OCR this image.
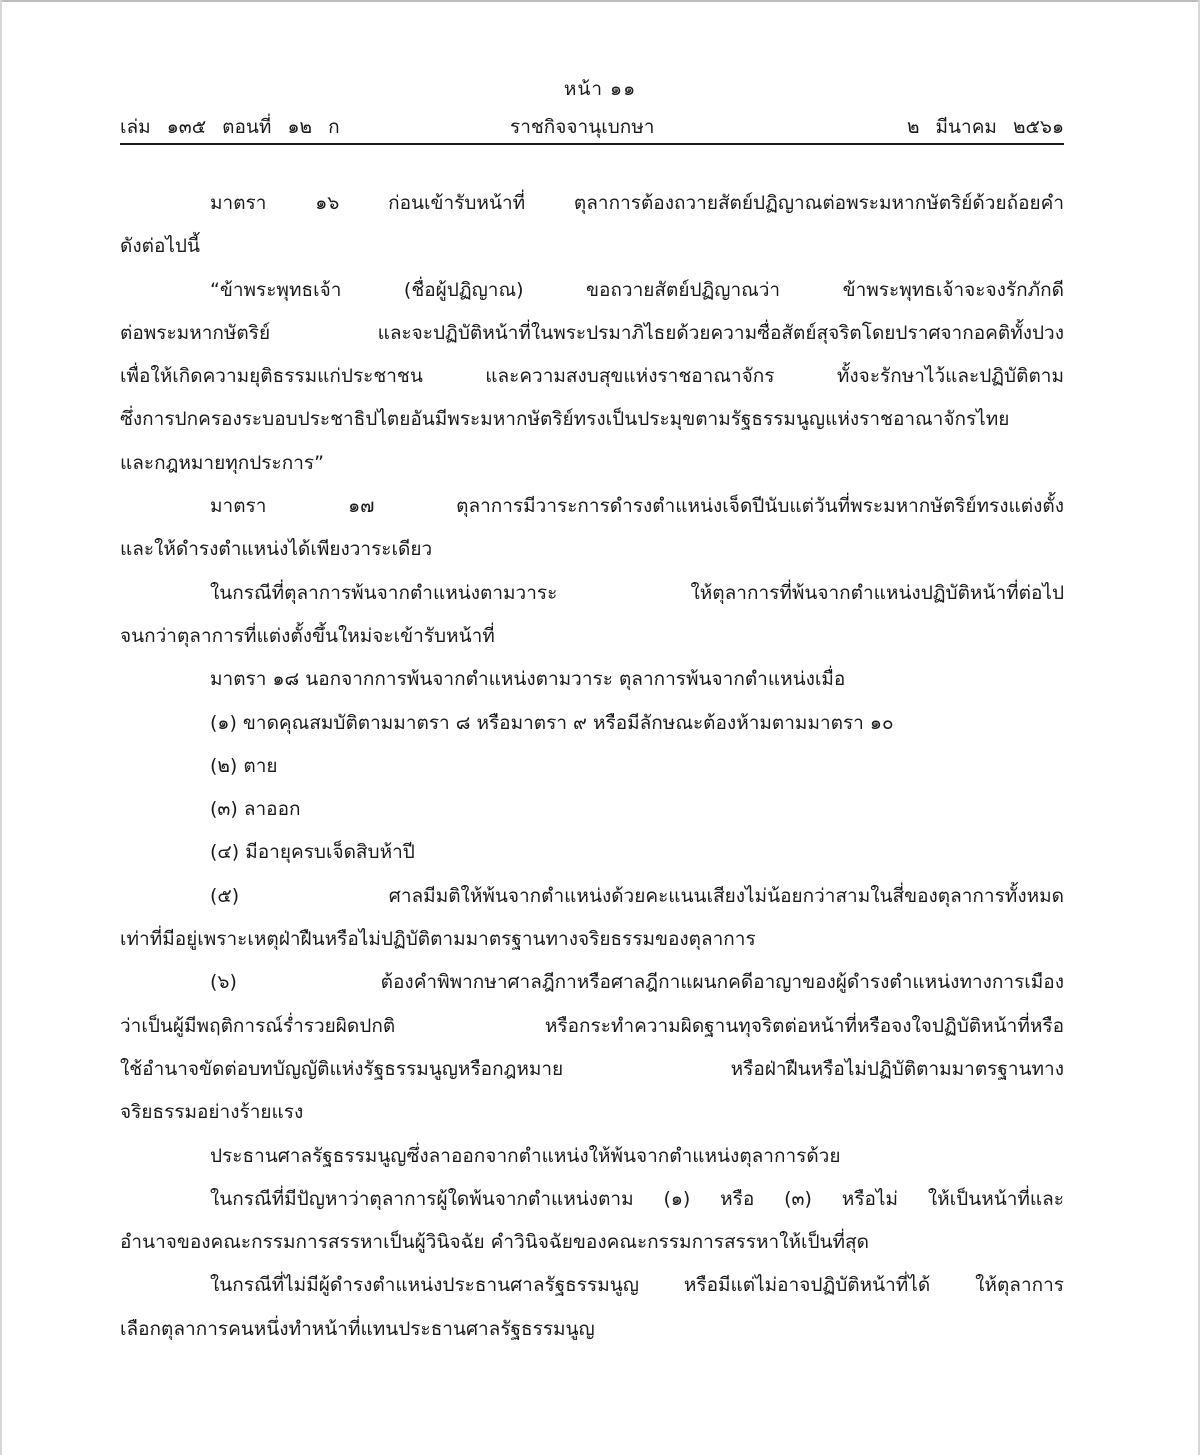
หน้า ๑๑
เล่ม ๑๓๕ ตอนที่ ๑๒ ก	ราชกิจจานุเบกษา	๒ มีนาคม ๒๕๖๑
มาตรา ๑๖ ก่อนเข้ารับหน้าที่ ตุลาการต้องถวายสัตย์ปฏิญาณต่อพระมหากษัตริย์ด้วยถ้อยคำ
ดังต่อไปนี้
“ข้าพระพุทธเจ้า (ชื่อผู้ปฏิญาณ) ขอถวายสัตย์ปฏิญาณว่า ข้าพระพุทธเจ้าจะจงรักภักดี
ต่อพระมหากษัตริย์ และจะปฏิบัติหน้าที่ในพระปรมาภิไธยด้วยความซื่อสัตย์สุจริตโดยปราศจากอคติทั้งปวง
เพื่อให้เกิดความยุติธรรมแก่ประชาชน และความสงบสุขแห่งราชอาณาจักร ทั้งจะรักษาไว้และปฏิบัติตาม
ซึ่งการปกครองระบอบประชาธิปไตยอันมีพระมหากษัตริย์ทรงเป็นประมุขตามรัฐธรรมนูญแห่งราชอาณาจักรไทย
และกฎหมายทุกประการ”
มาตรา ๑๗ ตุลาการมีวาระการดำรงตำแหน่งเจ็ดปีนับแต่วันที่พระมหากษัตริย์ทรงแต่งตั้ง
และให้ดำรงตำแหน่งได้เพียงวาระเดียว
ในกรณีที่ตุลาการพ้นจากตำแหน่งตามวาระ ให้ตุลาการที่พ้นจากตำแหน่งปฏิบัติหน้าที่ต่อไป
จนกว่าตุลาการที่แต่งตั้งขึ้นใหม่จะเข้ารับหน้าที่
มาตรา ๑๘ นอกจากการพ้นจากตำแหน่งตามวาระ ตุลาการพ้นจากตำแหน่งเมื่อ
(๑) ขาดคุณสมบัติตามมาตรา ๘ หรือมาตรา ๙ หรือมีลักษณะต้องห้ามตามมาตรา ๑๐
(๒) ตาย
(๓) ลาออก
(๔) มีอายุครบเจ็ดสิบห้าปี
(๕) ศาลมีมติให้พ้นจากตำแหน่งด้วยคะแนนเสียงไม่น้อยกว่าสามในสี่ของตุลาการทั้งหมด
เท่าที่มีอยู่เพราะเหตุฝ่าฝืนหรือไม่ปฏิบัติตามมาตรฐานทางจริยธรรมของตุลาการ
(๖) ต้องคำพิพากษาศาลฎีกาหรือศาลฎีกาแผนกคดีอาญาของผู้ดำรงตำแหน่งทางการเมือง
ว่าเป็นผู้มีพฤติการณ์ร่ำรวยผิดปกติ หรือกระทำความผิดฐานทุจริตต่อหน้าที่หรือจงใจปฏิบัติหน้าที่หรือ
ใช้อำนาจขัดต่อบทบัญญัติแห่งรัฐธรรมนูญหรือกฎหมาย หรือฝ่าฝืนหรือไม่ปฏิบัติตามมาตรฐานทาง
จริยธรรมอย่างร้ายแรง
ประธานศาลรัฐธรรมนูญซึ่งลาออกจากตำแหน่งให้พ้นจากตำแหน่งตุลาการด้วย
ในกรณีที่มีปัญหาว่าตุลาการผู้ใดพ้นจากตำแหน่งตาม (๑) หรือ (๓) หรือไม่ ให้เป็นหน้าที่และ
อำนาจของคณะกรรมการสรรหาเป็นผู้วินิจฉัย คำวินิจฉัยของคณะกรรมการสรรหาให้เป็นที่สุด
ในกรณีที่ไม่มีผู้ดำรงตำแหน่งประธานศาลรัฐธรรมนูญ หรือมีแต่ไม่อาจปฏิบัติหน้าที่ได้ ให้ตุลาการ
เลือกตุลาการคนหนึ่งทำหน้าที่แทนประธานศาลรัฐธรรมนูญ
